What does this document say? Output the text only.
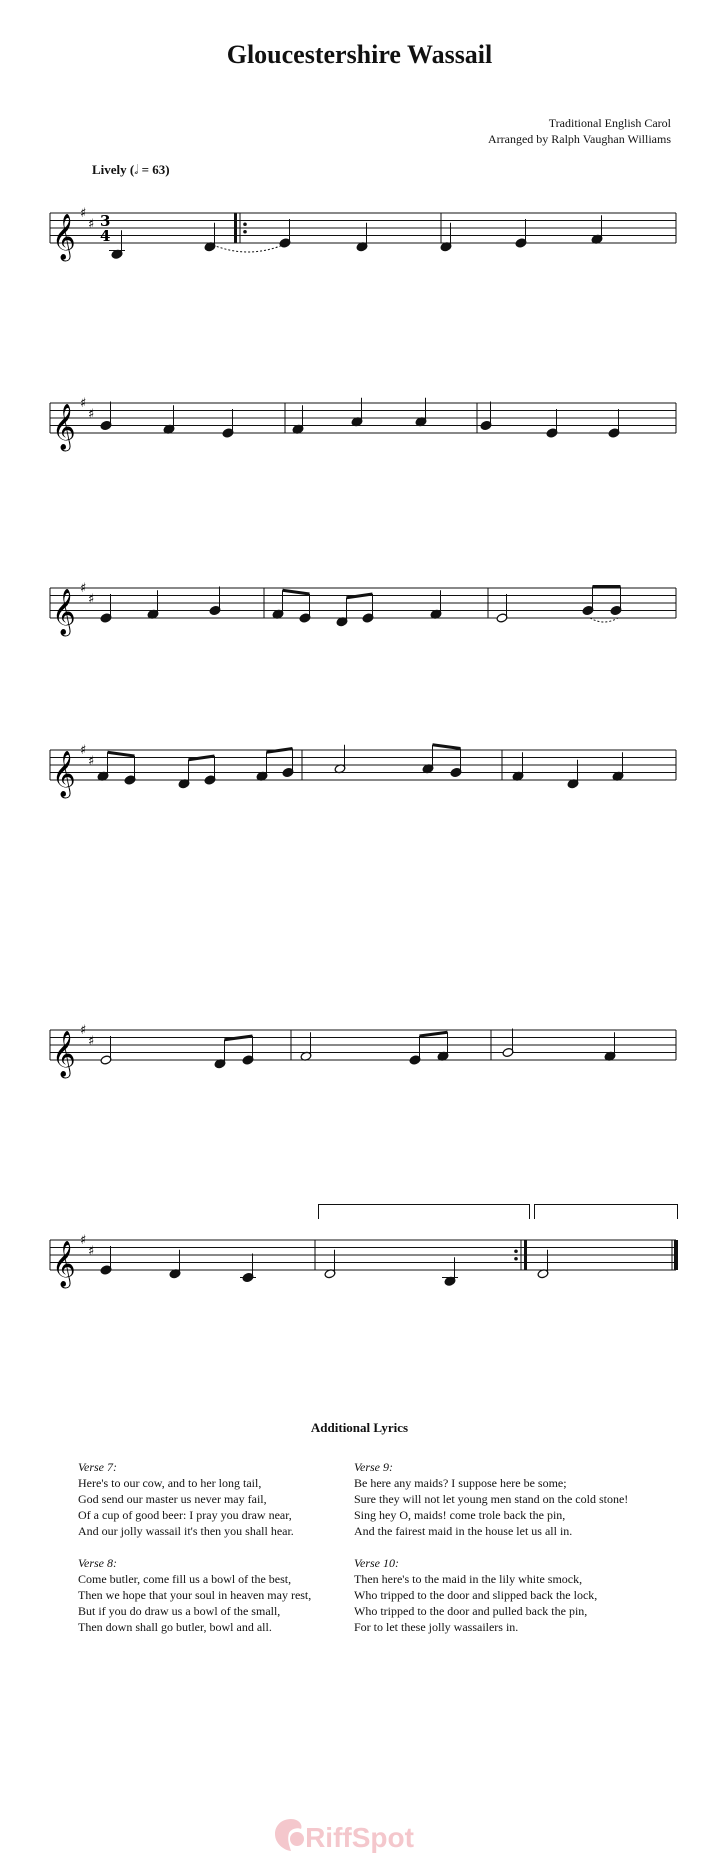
Gloucestershire Wassail
Traditional English Carol
Arranged by Ralph Vaughan Williams
Lively (𝅗𝅥 = 63)
𝄞
♯
♯ 3
4
𝄞
♯
♯
𝄞
♯
♯
𝄞
♯
♯
𝄞
♯
♯
𝄞
♯
♯
Additional Lyrics
Verse 7:
Here's to our cow, and to her long tail,
God send our master us never may fail,
Of a cup of good beer: I pray you draw near,
And our jolly wassail it's then you shall hear.
Verse 8:
Come butler, come fill us a bowl of the best,
Then we hope that your soul in heaven may rest,
But if you do draw us a bowl of the small,
Then down shall go butler, bowl and all.
Verse 9:
Be here any maids? I suppose here be some;
Sure they will not let young men stand on the cold stone!
Sing hey O, maids! come trole back the pin,
And the fairest maid in the house let us all in.
Verse 10:
Then here's to the maid in the lily white smock,
Who tripped to the door and slipped back the lock,
Who tripped to the door and pulled back the pin,
For to let these jolly wassailers in.
RiffSpot
